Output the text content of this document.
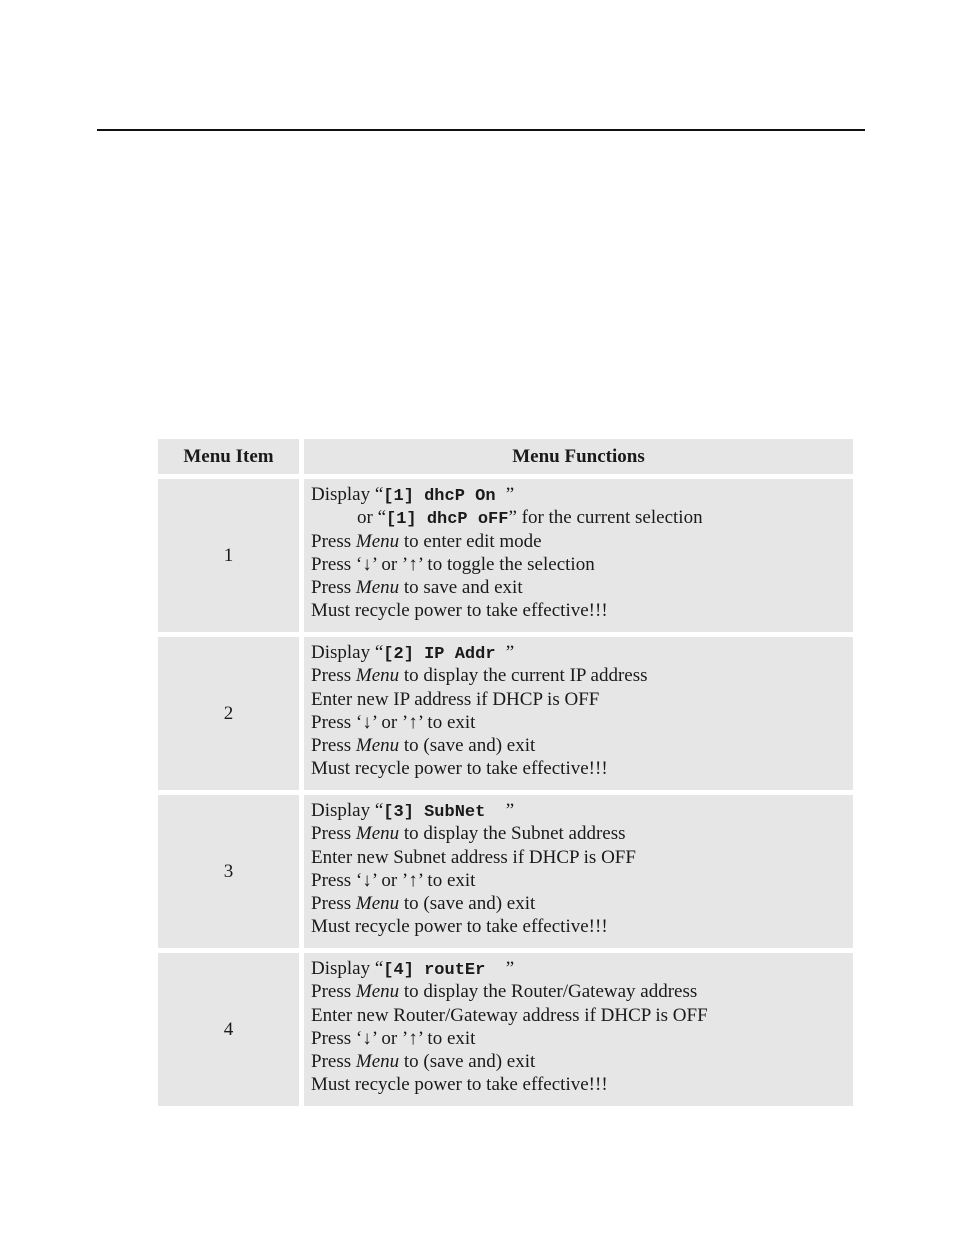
Menu Item	Menu Functions
1
Display “[1] dhcP On ”
or “[1] dhcP oFF” for the current selection
Press Menu to enter edit mode
Press ‘↓’ or ’↑’ to toggle the selection
Press Menu to save and exit
Must recycle power to take effective!!!
2
Display “[2] IP Addr ”
Press Menu to display the current IP address
Enter new IP address if DHCP is OFF
Press ‘↓’ or ’↑’ to exit
Press Menu to (save and) exit
Must recycle power to take effective!!!
3
Display “[3] SubNet  ”
Press Menu to display the Subnet address
Enter new Subnet address if DHCP is OFF
Press ‘↓’ or ’↑’ to exit
Press Menu to (save and) exit
Must recycle power to take effective!!!
4
Display “[4] routEr  ”
Press Menu to display the Router/Gateway address
Enter new Router/Gateway address if DHCP is OFF
Press ‘↓’ or ’↑’ to exit
Press Menu to (save and) exit
Must recycle power to take effective!!!
